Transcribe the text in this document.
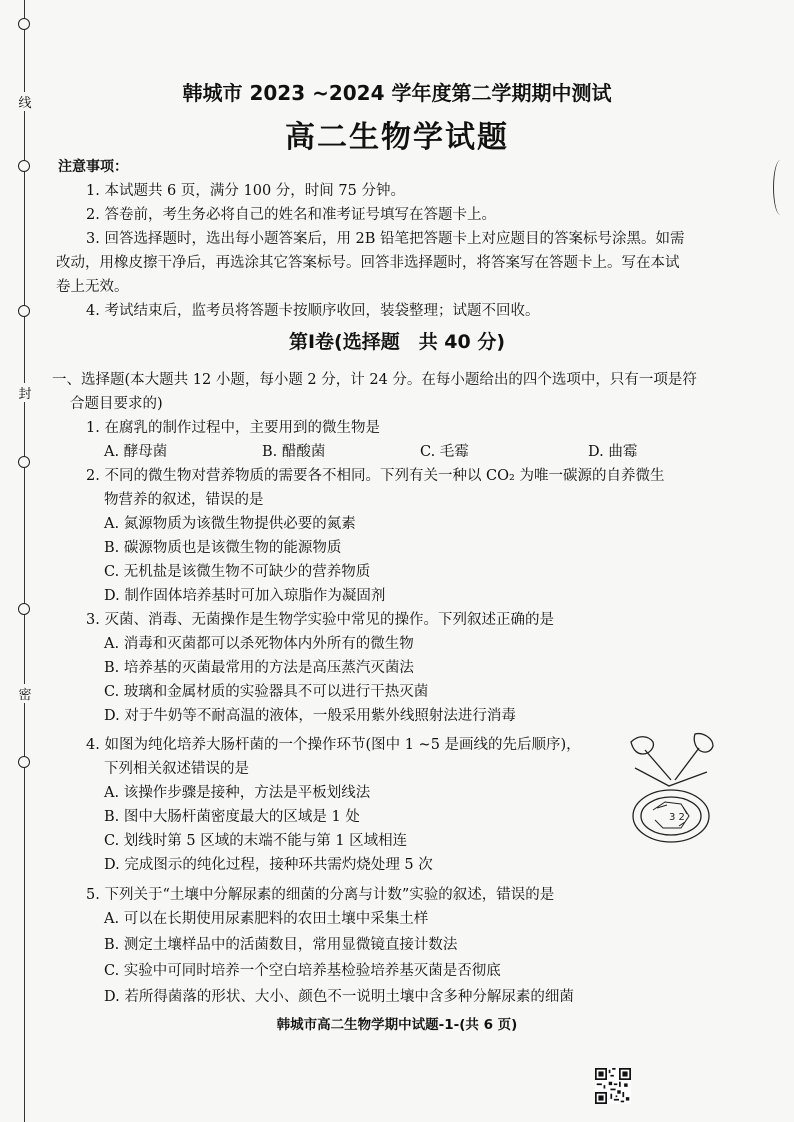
线
封
密
韩城市 2023 ~2024 学年度第二学期期中测试
高二生物学试题
注意事项：
1. 本试题共 6 页，满分 100 分，时间 75 分钟。
2. 答卷前，考生务必将自己的姓名和准考证号填写在答题卡上。
3. 回答选择题时，选出每小题答案后，用 2B 铅笔把答题卡上对应题目的答案标号涂黑。如需
改动，用橡皮擦干净后，再选涂其它答案标号。回答非选择题时，将答案写在答题卡上。写在本试
卷上无效。
4. 考试结束后，监考员将答题卡按顺序收回，装袋整理；试题不回收。
第Ⅰ卷(选择题　共 40 分)
一、选择题(本大题共 12 小题，每小题 2 分，计 24 分。在每小题给出的四个选项中，只有一项是符
合题目要求的)
1. 在腐乳的制作过程中，主要用到的微生物是
A. 酵母菌	B. 醋酸菌	C. 毛霉	D. 曲霉
2. 不同的微生物对营养物质的需要各不相同。下列有关一种以 CO₂ 为唯一碳源的自养微生
物营养的叙述，错误的是
A. 氮源物质为该微生物提供必要的氮素
B. 碳源物质也是该微生物的能源物质
C. 无机盐是该微生物不可缺少的营养物质
D. 制作固体培养基时可加入琼脂作为凝固剂
3. 灭菌、消毒、无菌操作是生物学实验中常见的操作。下列叙述正确的是
A. 消毒和灭菌都可以杀死物体内外所有的微生物
B. 培养基的灭菌最常用的方法是高压蒸汽灭菌法
C. 玻璃和金属材质的实验器具不可以进行干热灭菌
D. 对于牛奶等不耐高温的液体，一般采用紫外线照射法进行消毒
4. 如图为纯化培养大肠杆菌的一个操作环节(图中 1 ~5 是画线的先后顺序)，
下列相关叙述错误的是
A. 该操作步骤是接种，方法是平板划线法
B. 图中大肠杆菌密度最大的区域是 1 处
C. 划线时第 5 区域的末端不能与第 1 区域相连
D. 完成图示的纯化过程，接种环共需灼烧处理 5 次
3 2
5. 下列关于“土壤中分解尿素的细菌的分离与计数”实验的叙述，错误的是
A. 可以在长期使用尿素肥料的农田土壤中采集土样
B. 测定土壤样品中的活菌数目，常用显微镜直接计数法
C. 实验中可同时培养一个空白培养基检验培养基灭菌是否彻底
D. 若所得菌落的形状、大小、颜色不一说明土壤中含多种分解尿素的细菌
韩城市高二生物学期中试题-1-(共 6 页)
